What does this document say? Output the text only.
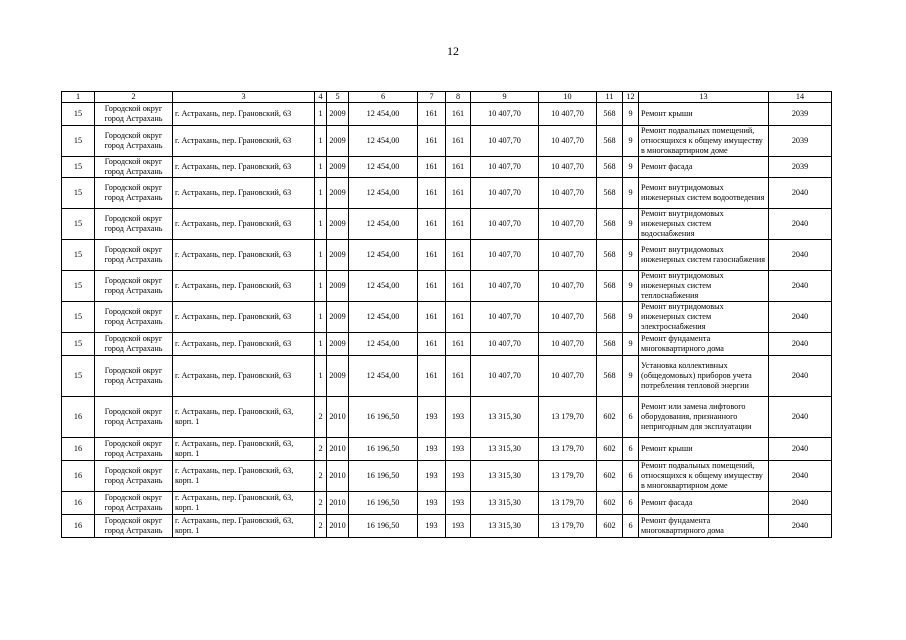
12
1	2	3	4	5	6	7	8	9	10	11	12	13	14
15	Городской округ город Астрахань	г. Астрахань, пер. Грановский, 63	1	2009	12 454,00	161	161	10 407,70	10 407,70	568	9	Ремонт крыши	2039
15	Городской округ город Астрахань	г. Астрахань, пер. Грановский, 63	1	2009	12 454,00	161	161	10 407,70	10 407,70	568	9	Ремонт подвальных помещений, относящихся к общему имуществу в многоквартирном доме	2039
15	Городской округ город Астрахань	г. Астрахань, пер. Грановский, 63	1	2009	12 454,00	161	161	10 407,70	10 407,70	568	9	Ремонт фасада	2039
15	Городской округ город Астрахань	г. Астрахань, пер. Грановский, 63	1	2009	12 454,00	161	161	10 407,70	10 407,70	568	9	Ремонт внутридомовых инженерных систем водоотведения	2040
15	Городской округ город Астрахань	г. Астрахань, пер. Грановский, 63	1	2009	12 454,00	161	161	10 407,70	10 407,70	568	9	Ремонт внутридомовых инженерных систем водоснабжения	2040
15	Городской округ город Астрахань	г. Астрахань, пер. Грановский, 63	1	2009	12 454,00	161	161	10 407,70	10 407,70	568	9	Ремонт внутридомовых инженерных систем газоснабжения	2040
15	Городской округ город Астрахань	г. Астрахань, пер. Грановский, 63	1	2009	12 454,00	161	161	10 407,70	10 407,70	568	9	Ремонт внутридомовых инженерных систем теплоснабжения	2040
15	Городской округ город Астрахань	г. Астрахань, пер. Грановский, 63	1	2009	12 454,00	161	161	10 407,70	10 407,70	568	9	Ремонт внутридомовых инженерных систем электроснабжения	2040
15	Городской округ город Астрахань	г. Астрахань, пер. Грановский, 63	1	2009	12 454,00	161	161	10 407,70	10 407,70	568	9	Ремонт фундамента многоквартирного дома	2040
15	Городской округ город Астрахань	г. Астрахань, пер. Грановский, 63	1	2009	12 454,00	161	161	10 407,70	10 407,70	568	9	Установка коллективных (общедомовых) приборов учета потребления тепловой энергии	2040
16	Городской округ город Астрахань	г. Астрахань, пер. Грановский, 63, корп. 1	2	2010	16 196,50	193	193	13 315,30	13 179,70	602	6	Ремонт или замена лифтового оборудования, признанного непригодным для эксплуатации	2040
16	Городской округ город Астрахань	г. Астрахань, пер. Грановский, 63, корп. 1	2	2010	16 196,50	193	193	13 315,30	13 179,70	602	6	Ремонт крыши	2040
16	Городской округ город Астрахань	г. Астрахань, пер. Грановский, 63, корп. 1	2	2010	16 196,50	193	193	13 315,30	13 179,70	602	6	Ремонт подвальных помещений, относящихся к общему имуществу в многоквартирном доме	2040
16	Городской округ город Астрахань	г. Астрахань, пер. Грановский, 63, корп. 1	2	2010	16 196,50	193	193	13 315,30	13 179,70	602	6	Ремонт фасада	2040
16	Городской округ город Астрахань	г. Астрахань, пер. Грановский, 63, корп. 1	2	2010	16 196,50	193	193	13 315,30	13 179,70	602	6	Ремонт фундамента многоквартирного дома	2040
